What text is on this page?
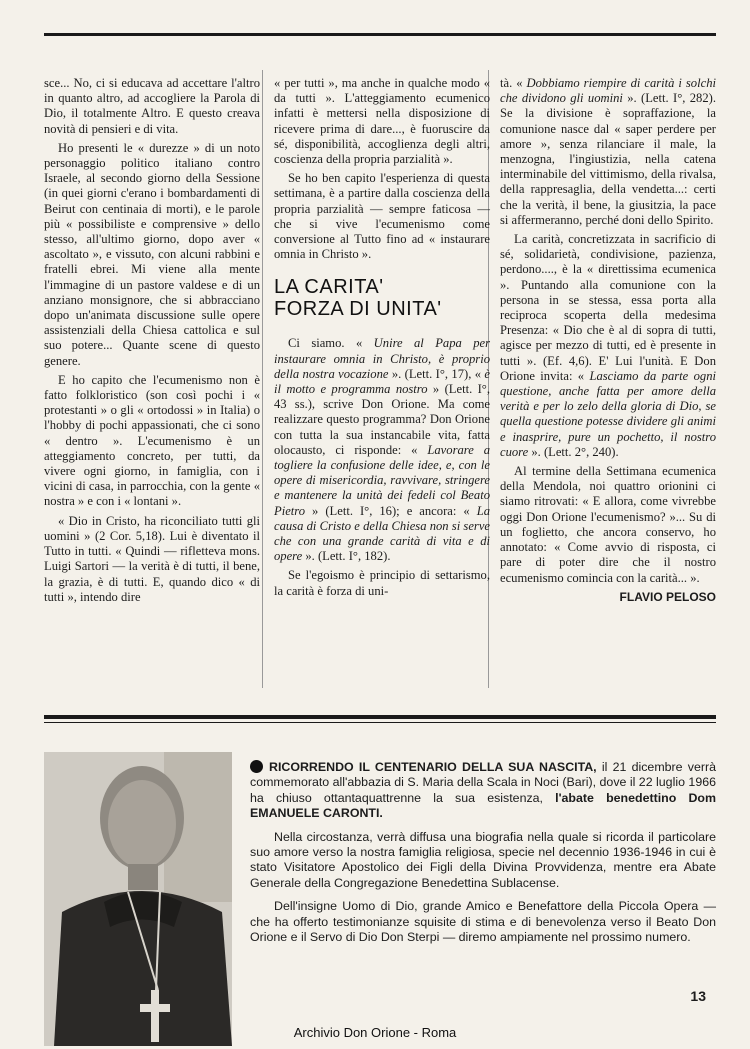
sce... No, ci si educava ad accettare l'altro in quanto altro, ad accogliere la Parola di Dio, il totalmente Altro. E questo creava novità di pensieri e di vita.

Ho presenti le « durezze » di un noto personaggio politico italiano contro Israele, al secondo giorno della Sessione (in quei giorni c'erano i bombardamenti di Beirut con centinaia di morti), e le parole più « possibiliste e comprensive » dello stesso, all'ultimo giorno, dopo aver « ascoltato », e vissuto, con alcuni rabbini e fratelli ebrei. Mi viene alla mente l'immagine di un pastore valdese e di un anziano monsignore, che si abbracciano dopo un'animata discussione sulle opere assistenziali della Chiesa cattolica e sul suo potere... Quante scene di questo genere.

E ho capito che l'ecumenismo non è fatto folkloristico (son così pochi i « protestanti » o gli « ortodossi » in Italia) o l'hobby di pochi appassionati, che ci sono « dentro ». L'ecumenismo è un atteggiamento concreto, per tutti, da vivere ogni giorno, in famiglia, con i vicini di casa, in parrocchia, con la gente « nostra » e con i « lontani ».

« Dio in Cristo, ha riconciliato tutti gli uomini » (2 Cor. 5,18). Lui è diventato il Tutto in tutti. « Quindi — rifletteva mons. Luigi Sartori — la verità è di tutti, il bene, la grazia, è di tutti. E, quando dico « di tutti », intendo dire

« per tutti », ma anche in qualche modo « da tutti ». L'atteggiamento ecumenico infatti è mettersi nella disposizione di ricevere prima di dare..., è fuoruscire da sé, disponibilità, accoglienza degli altri, coscienza della propria parzialità ».

Se ho ben capito l'esperienza di questa settimana, è a partire dalla coscienza della propria parzialità — sempre faticosa — che si vive l'ecumenismo come conversione al Tutto fino ad « instaurare omnia in Christo ».

LA CARITA'
FORZA DI UNITA'

Ci siamo. « Unire al Papa per instaurare omnia in Christo, è proprio della nostra vocazione ». (Lett. I°, 17), « è il motto e programma nostro » (Lett. I°, 43 ss.), scrive Don Orione. Ma come realizzare questo programma? Don Orione con tutta la sua instancabile vita, fatta olocausto, ci risponde: « Lavorare a togliere la confusione delle idee, e, con le opere di misericordia, ravvivare, stringere e mantenere la unità dei fedeli col Beato Pietro » (Lett. I°, 16); e ancora: « La causa di Cristo e della Chiesa non si serve che con una grande carità di vita e di opere ». (Lett. I°, 182).

Se l'egoismo è principio di settarismo, la carità è forza di uni-

tà. « Dobbiamo riempire di carità i solchi che dividono gli uomini ». (Lett. I°, 282). Se la divisione è sopraffazione, la comunione nasce dal « saper perdere per amore », senza rilanciare il male, la menzogna, l'ingiustizia, nella catena interminabile del vittimismo, della rivalsa, della rappresaglia, della vendetta...: certi che la verità, il bene, la giusitzia, la pace si affermeranno, perché doni dello Spirito.

La carità, concretizzata in sacrificio di sé, solidarietà, condivisione, pazienza, perdono...., è la « direttissima ecumenica ». Puntando alla comunione con la persona in se stessa, essa porta alla reciproca scoperta della medesima Presenza: « Dio che è al di sopra di tutti, agisce per mezzo di tutti, ed è presente in tutti ». (Ef. 4,6). E' Lui l'unità. E Don Orione invita: « Lasciamo da parte ogni questione, anche fatta per amore della verità e per lo zelo della gloria di Dio, se quella questione potesse dividere gli animi e inasprire, pure un pochetto, il nostro cuore ». (Lett. 2°, 240).

Al termine della Settimana ecumenica della Mendola, noi quattro orionini ci siamo ritrovati: « E allora, come vivrebbe oggi Don Orione l'ecumenismo? »... Su di un foglietto, che ancora conservo, ho annotato: « Come avvio di risposta, ci pare di poter dire che il nostro ecumenismo comincia con la carità... ».

FLAVIO PELOSO

RICORRENDO IL CENTENARIO DELLA SUA NASCITA, il 21 dicembre verrà commemorato all'abbazia di S. Maria della Scala in Noci (Bari), dove il 22 luglio 1966 ha chiuso ottantaquattrenne la sua esistenza, l'abate benedettino Dom EMANUELE CARONTI.

Nella circostanza, verrà diffusa una biografia nella quale si ricorda il particolare suo amore verso la nostra famiglia religiosa, specie nel decennio 1936-1946 in cui è stato Visitatore Apostolico dei Figli della Divina Provvidenza, mentre era Abate Generale della Congregazione Benedettina Sublacense.

Dell'insigne Uomo di Dio, grande Amico e Benefattore della Piccola Opera — che ha offerto testimonianze squisite di stima e di benevolenza verso il Beato Don Orione e il Servo di Dio Don Sterpi — diremo ampiamente nel prossimo numero.

13
Archivio Don Orione - Roma
